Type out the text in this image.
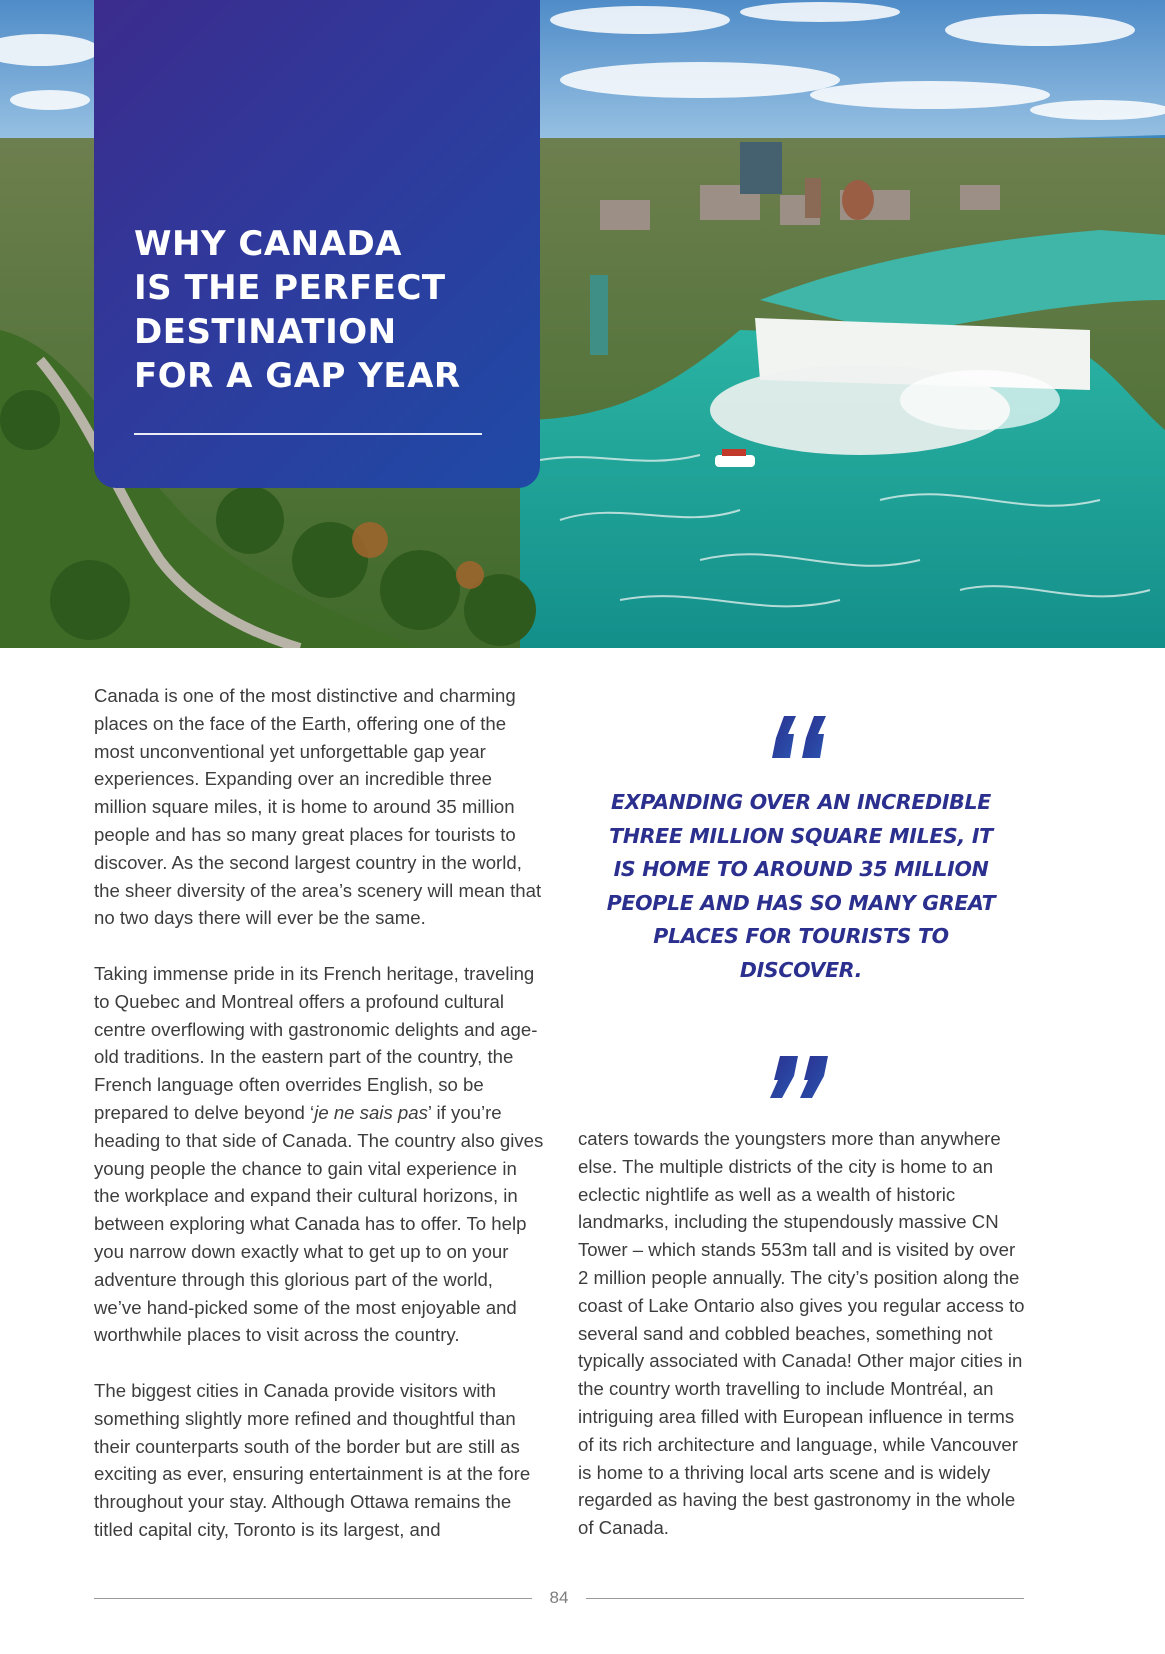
WHY CANADA
IS THE PERFECT
DESTINATION
FOR A GAP YEAR

Canada is one of the most distinctive and charming places on the face of the Earth, offering one of the most unconventional yet unforgettable gap year experiences. Expanding over an incredible three million square miles, it is home to around 35 million people and has so many great places for tourists to discover. As the second largest country in the world, the sheer diversity of the area’s scenery will mean that no two days there will ever be the same.

Taking immense pride in its French heritage, traveling to Quebec and Montreal offers a profound cultural centre overflowing with gastronomic delights and age-old traditions. In the eastern part of the country, the French language often overrides English, so be prepared to delve beyond ‘je ne sais pas’ if you’re heading to that side of Canada. The country also gives young people the chance to gain vital experience in the workplace and expand their cultural horizons, in between exploring what Canada has to offer. To help you narrow down exactly what to get up to on your adventure through this glorious part of the world, we’ve hand-picked some of the most enjoyable and worthwhile places to visit across the country.

The biggest cities in Canada provide visitors with something slightly more refined and thoughtful than their counterparts south of the border but are still as exciting as ever, ensuring entertainment is at the fore throughout your stay. Although Ottawa remains the titled capital city, Toronto is its largest, and

EXPANDING OVER AN INCREDIBLE THREE MILLION SQUARE MILES, IT IS HOME TO AROUND 35 MILLION PEOPLE AND HAS SO MANY GREAT PLACES FOR TOURISTS TO DISCOVER.

caters towards the youngsters more than anywhere else. The multiple districts of the city is home to an eclectic nightlife as well as a wealth of historic landmarks, including the stupendously massive CN Tower – which stands 553m tall and is visited by over 2 million people annually. The city’s position along the coast of Lake Ontario also gives you regular access to several sand and cobbled beaches, something not typically associated with Canada! Other major cities in the country worth travelling to include Montréal, an intriguing area filled with European influence in terms of its rich architecture and language, while Vancouver is home to a thriving local arts scene and is widely regarded as having the best gastronomy in the whole of Canada.

84
